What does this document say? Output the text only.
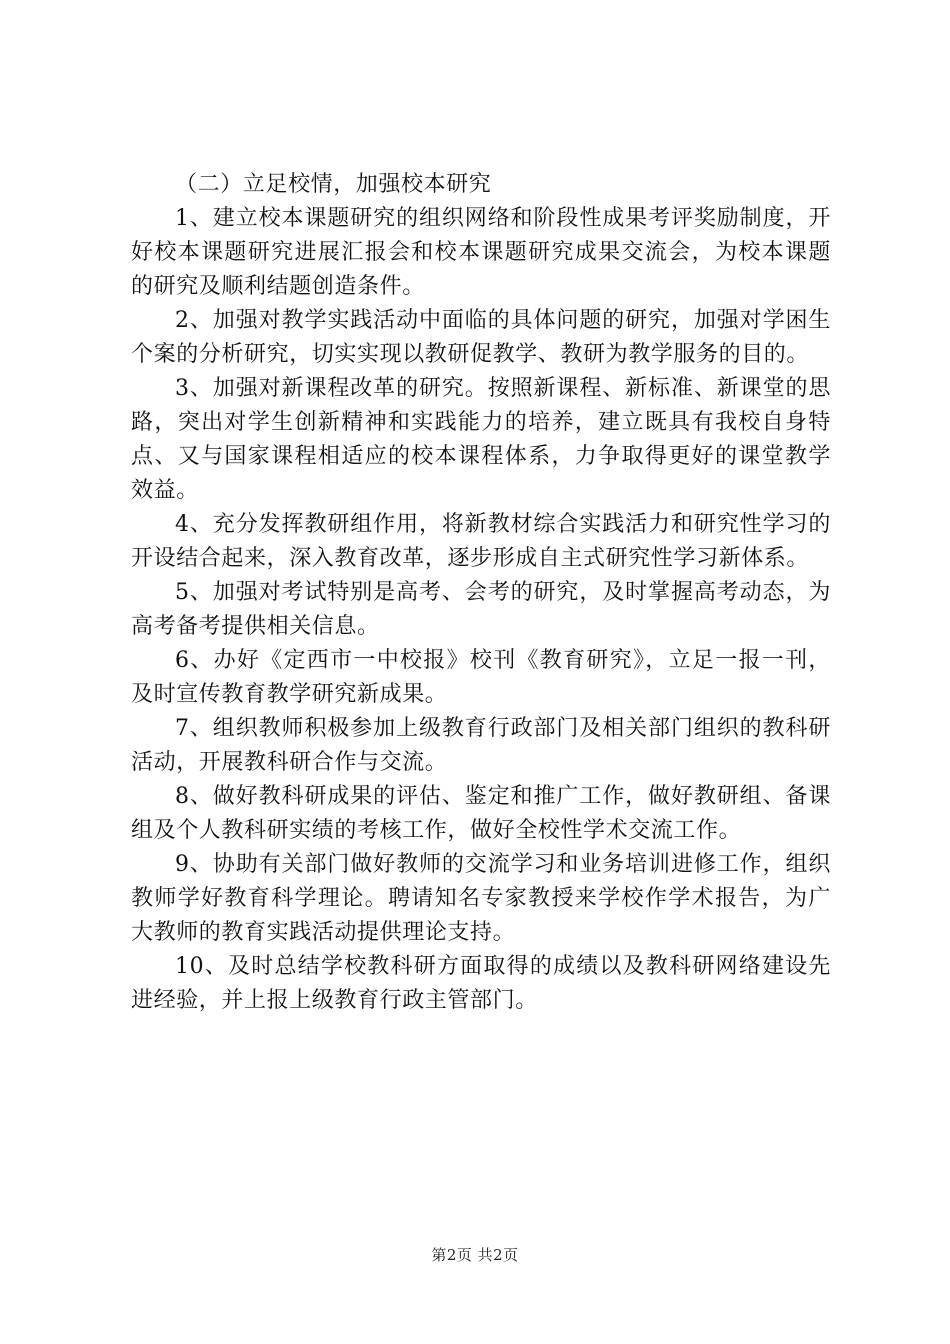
（二）立足校情，加强校本研究

1、建立校本课题研究的组织网络和阶段性成果考评奖励制度，开好校本课题研究进展汇报会和校本课题研究成果交流会，为校本课题的研究及顺利结题创造条件。

2、加强对教学实践活动中面临的具体问题的研究，加强对学困生个案的分析研究，切实实现以教研促教学、教研为教学服务的目的。

3、加强对新课程改革的研究。按照新课程、新标准、新课堂的思路，突出对学生创新精神和实践能力的培养，建立既具有我校自身特点、又与国家课程相适应的校本课程体系，力争取得更好的课堂教学效益。

4、充分发挥教研组作用，将新教材综合实践活力和研究性学习的开设结合起来，深入教育改革，逐步形成自主式研究性学习新体系。

5、加强对考试特别是高考、会考的研究，及时掌握高考动态，为高考备考提供相关信息。

6、办好《定西市一中校报》校刊《教育研究》，立足一报一刊，及时宣传教育教学研究新成果。

7、组织教师积极参加上级教育行政部门及相关部门组织的教科研活动，开展教科研合作与交流。

8、做好教科研成果的评估、鉴定和推广工作，做好教研组、备课组及个人教科研实绩的考核工作，做好全校性学术交流工作。

9、协助有关部门做好教师的交流学习和业务培训进修工作，组织教师学好教育科学理论。聘请知名专家教授来学校作学术报告，为广大教师的教育实践活动提供理论支持。

10、及时总结学校教科研方面取得的成绩以及教科研网络建设先进经验，并上报上级教育行政主管部门。

第2页 共2页
